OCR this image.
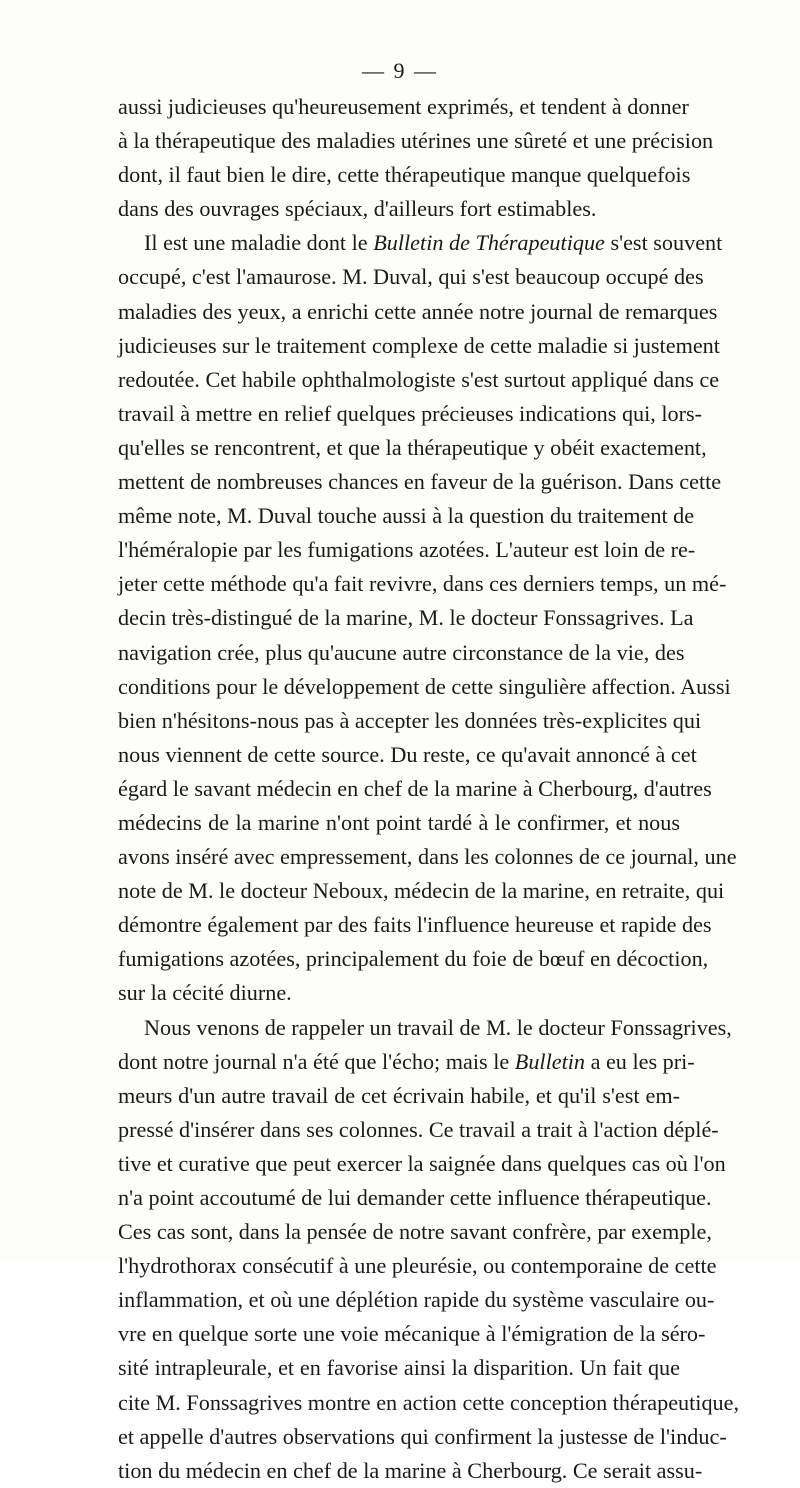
— 9 —
aussi judicieuses qu'heureusement exprimés, et tendent à donner
à la thérapeutique des maladies utérines une sûreté et une précision
dont, il faut bien le dire, cette thérapeutique manque quelquefois
dans des ouvrages spéciaux, d'ailleurs fort estimables.
Il est une maladie dont le Bulletin de Thérapeutique s'est souvent
occupé, c'est l'amaurose. M. Duval, qui s'est beaucoup occupé des
maladies des yeux, a enrichi cette année notre journal de remarques
judicieuses sur le traitement complexe de cette maladie si justement
redoutée. Cet habile ophthalmologiste s'est surtout appliqué dans ce
travail à mettre en relief quelques précieuses indications qui, lors-
qu'elles se rencontrent, et que la thérapeutique y obéit exactement,
mettent de nombreuses chances en faveur de la guérison. Dans cette
même note, M. Duval touche aussi à la question du traitement de
l'héméralopie par les fumigations azotées. L'auteur est loin de re-
jeter cette méthode qu'a fait revivre, dans ces derniers temps, un mé-
decin très-distingué de la marine, M. le docteur Fonssagrives. La
navigation crée, plus qu'aucune autre circonstance de la vie, des
conditions pour le développement de cette singulière affection. Aussi
bien n'hésitons-nous pas à accepter les données très-explicites qui
nous viennent de cette source. Du reste, ce qu'avait annoncé à cet
égard le savant médecin en chef de la marine à Cherbourg, d'autres
médecins de la marine n'ont point tardé à le confirmer, et nous
avons inséré avec empressement, dans les colonnes de ce journal, une
note de M. le docteur Neboux, médecin de la marine, en retraite, qui
démontre également par des faits l'influence heureuse et rapide des
fumigations azotées, principalement du foie de bœuf en décoction,
sur la cécité diurne.
Nous venons de rappeler un travail de M. le docteur Fonssagrives,
dont notre journal n'a été que l'écho; mais le Bulletin a eu les pri-
meurs d'un autre travail de cet écrivain habile, et qu'il s'est em-
pressé d'insérer dans ses colonnes. Ce travail a trait à l'action déplé-
tive et curative que peut exercer la saignée dans quelques cas où l'on
n'a point accoutumé de lui demander cette influence thérapeutique.
Ces cas sont, dans la pensée de notre savant confrère, par exemple,
l'hydrothorax consécutif à une pleurésie, ou contemporaine de cette
inflammation, et où une déplétion rapide du système vasculaire ou-
vre en quelque sorte une voie mécanique à l'émigration de la séro-
sité intrapleurale, et en favorise ainsi la disparition. Un fait que
cite M. Fonssagrives montre en action cette conception thérapeutique,
et appelle d'autres observations qui confirment la justesse de l'induc-
tion du médecin en chef de la marine à Cherbourg. Ce serait assu-
